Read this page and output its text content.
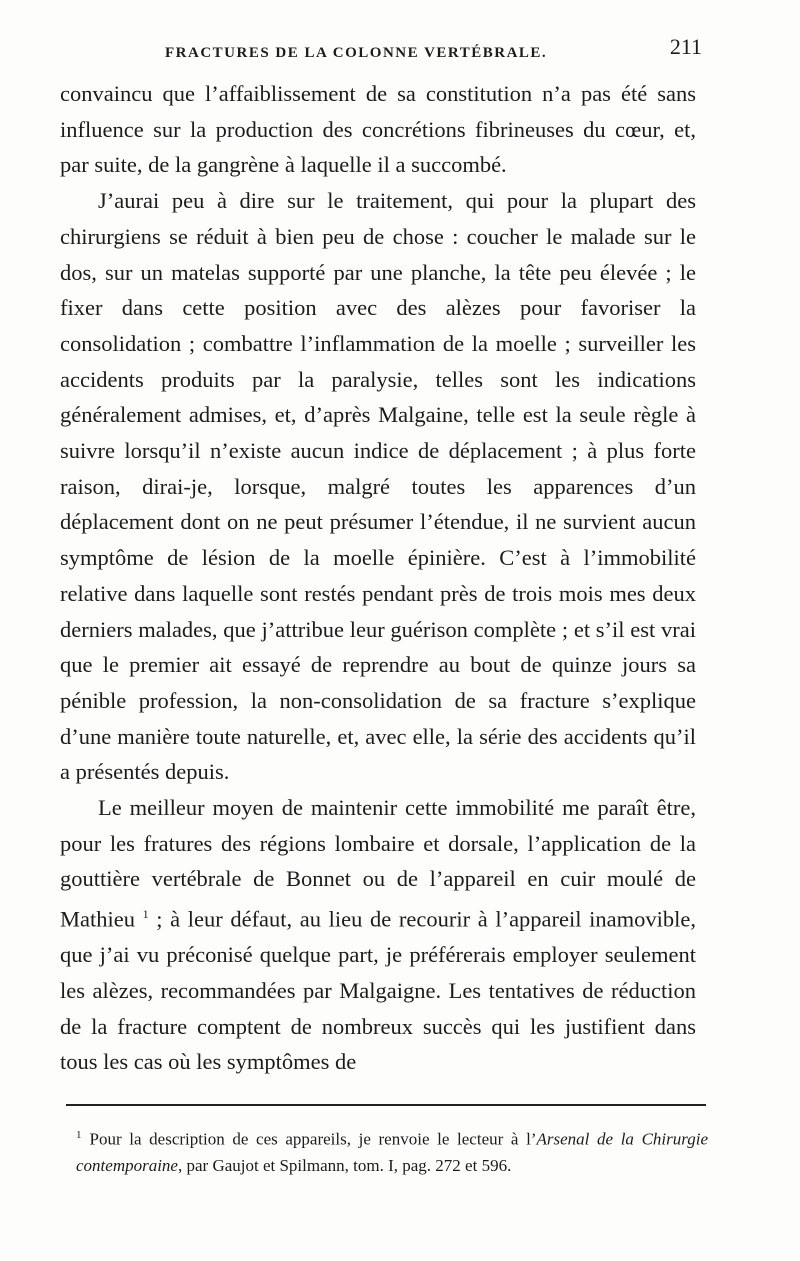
FRACTURES DE LA COLONNE VERTÉBRALE.	211

convaincu que l’affaiblissement de sa constitution n’a pas été sans influence sur la production des concrétions fibrineuses du cœur, et, par suite, de la gangrène à laquelle il a succombé.

J’aurai peu à dire sur le traitement, qui pour la plupart des chirurgiens se réduit à bien peu de chose : coucher le malade sur le dos, sur un matelas supporté par une planche, la tête peu élevée ; le fixer dans cette position avec des alèzes pour favoriser la consolidation ; combattre l’inflammation de la moelle ; surveiller les accidents produits par la paralysie, telles sont les indications généralement admises, et, d’après Malgaine, telle est la seule règle à suivre lorsqu’il n’existe aucun indice de déplacement ; à plus forte raison, dirai-je, lorsque, malgré toutes les apparences d’un déplacement dont on ne peut présumer l’étendue, il ne survient aucun symptôme de lésion de la moelle épinière. C’est à l’immobilité relative dans laquelle sont restés pendant près de trois mois mes deux derniers malades, que j’attribue leur guérison complète ; et s’il est vrai que le premier ait essayé de reprendre au bout de quinze jours sa pénible profession, la non-consolidation de sa fracture s’explique d’une manière toute naturelle, et, avec elle, la série des accidents qu’il a présentés depuis.

Le meilleur moyen de maintenir cette immobilité me paraît être, pour les fratures des régions lombaire et dorsale, l’application de la gouttière vertébrale de Bonnet ou de l’appareil en cuir moulé de Mathieu $^1$ ; à leur défaut, au lieu de recourir à l’appareil inamovible, que j’ai vu préconisé quelque part, je préférerais employer seulement les alèzes, recommandées par Malgaigne. Les tentatives de réduction de la fracture comptent de nombreux succès qui les justifient dans tous les cas où les symptômes de

$^1$ Pour la description de ces appareils, je renvoie le lecteur à l’Arsenal de la Chirurgie contemporaine, par Gaujot et Spilmann, tom. I, pag. 272 et 596.
